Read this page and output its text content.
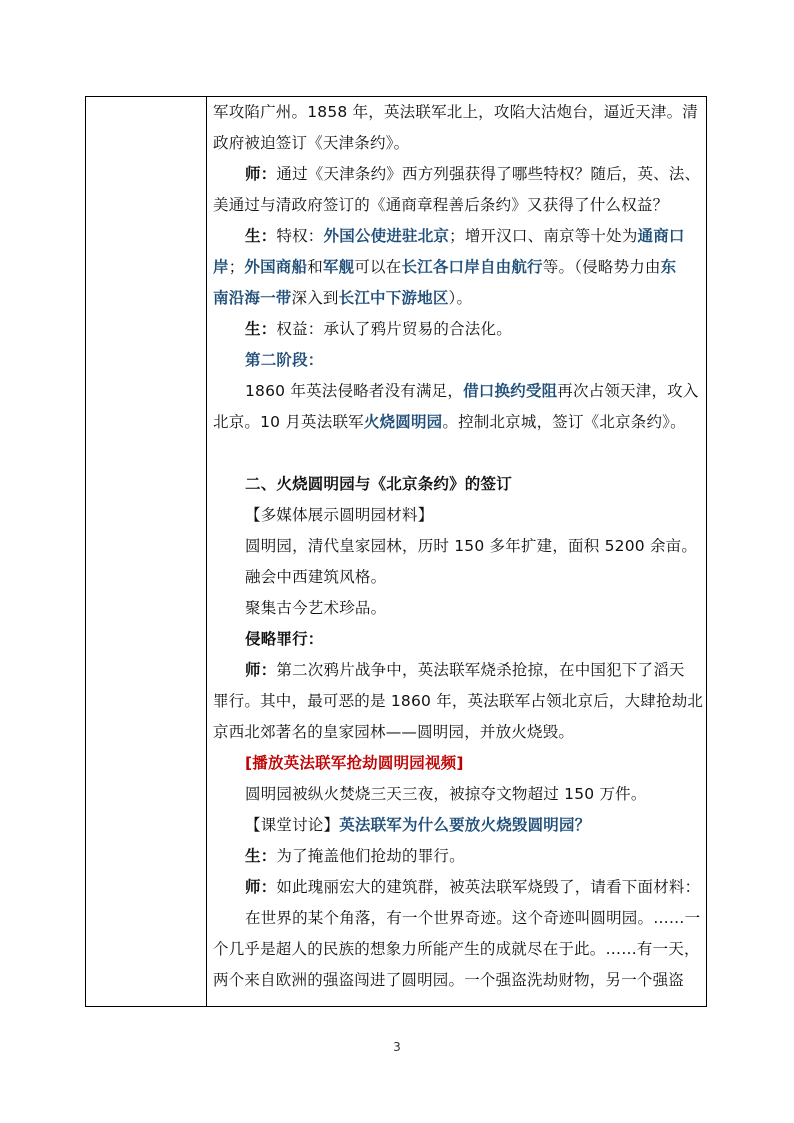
军攻陷广州。1858 年，英法联军北上，攻陷大沽炮台，逼近天津。清
政府被迫签订《天津条约》。
师：通过《天津条约》西方列强获得了哪些特权？随后，英、法、
美通过与清政府签订的《通商章程善后条约》又获得了什么权益？
生：特权：外国公使进驻北京；增开汉口、南京等十处为通商口
岸；外国商船和军舰可以在长江各口岸自由航行等。（侵略势力由东
南沿海一带深入到长江中下游地区）。
生：权益：承认了鸦片贸易的合法化。
第二阶段：
1860 年英法侵略者没有满足，借口换约受阻再次占领天津，攻入
北京。10 月英法联军火烧圆明园。控制北京城，签订《北京条约》。
二、火烧圆明园与《北京条约》的签订
【多媒体展示圆明园材料】
圆明园，清代皇家园林，历时 150 多年扩建，面积 5200 余亩。
融会中西建筑风格。
聚集古今艺术珍品。
侵略罪行：
师：第二次鸦片战争中，英法联军烧杀抢掠，在中国犯下了滔天
罪行。其中，最可恶的是 1860 年，英法联军占领北京后，大肆抢劫北
京西北郊著名的皇家园林——圆明园，并放火烧毁。
[播放英法联军抢劫圆明园视频]
圆明园被纵火焚烧三天三夜，被掠夺文物超过 150 万件。
【课堂讨论】英法联军为什么要放火烧毁圆明园？
生：为了掩盖他们抢劫的罪行。
师：如此瑰丽宏大的建筑群，被英法联军烧毁了，请看下面材料：
在世界的某个角落，有一个世界奇迹。这个奇迹叫圆明园。……一
个几乎是超人的民族的想象力所能产生的成就尽在于此。……有一天，
两个来自欧洲的强盗闯进了圆明园。一个强盗洗劫财物，另一个强盗
3
